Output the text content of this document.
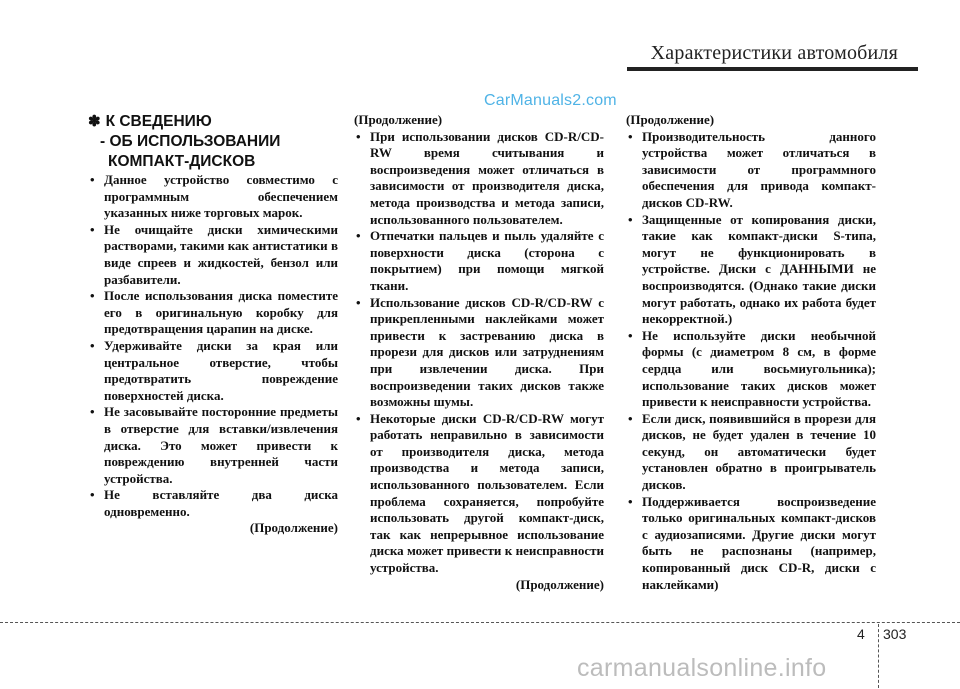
Характеристики автомобиля
CarManuals2.com
✽ К СВЕДЕНИЮ
- ОБ ИСПОЛЬЗОВАНИИ
КОМПАКТ-ДИСКОВ
• Данное устройство совместимо с программным обеспечением указанных ниже торговых марок.
• Не очищайте диски химическими растворами, такими как антистатики в виде спреев и жидкостей, бензол или разбавители.
• После использования диска поместите его в оригинальную коробку для предотвращения царапин на диске.
• Удерживайте диски за края или центральное отверстие, чтобы предотвратить повреждение поверхностей диска.
• Не засовывайте посторонние предметы в отверстие для вставки/извлечения диска. Это может привести к повреждению внутренней части устройства.
• Не вставляйте два диска одновременно.
(Продолжение)
(Продолжение)
• При использовании дисков CD-R/CD-RW время считывания и воспроизведения может отличаться в зависимости от производителя диска, метода производства и метода записи, использованного пользователем.
• Отпечатки пальцев и пыль удаляйте с поверхности диска (сторона с покрытием) при помощи мягкой ткани.
• Использование дисков CD-R/CD-RW с прикрепленными наклейками может привести к застреванию диска в прорези для дисков или затруднениям при извлечении диска. При воспроизведении таких дисков также возможны шумы.
• Некоторые диски CD-R/CD-RW могут работать неправильно в зависимости от производителя диска, метода производства и метода записи, использованного пользователем. Если проблема сохраняется, попробуйте использовать другой компакт-диск, так как непрерывное использование диска может привести к неисправности устройства.
(Продолжение)
(Продолжение)
• Производительность данного устройства может отличаться в зависимости от программного обеспечения для привода компакт-дисков CD-RW.
• Защищенные от копирования диски, такие как компакт-диски S-типа, могут не функционировать в устройстве. Диски с ДАННЫМИ не воспроизводятся. (Однако такие диски могут работать, однако их работа будет некорректной.)
• Не используйте диски необычной формы (с диаметром 8 см, в форме сердца или восьмиугольника); использование таких дисков может привести к неисправности устройства.
• Если диск, появившийся в прорези для дисков, не будет удален в течение 10 секунд, он автоматически будет установлен обратно в проигрыватель дисков.
• Поддерживается воспроизведение только оригинальных компакт-дисков с аудиозаписями. Другие диски могут быть не распознаны (например, копированный диск CD-R, диски с наклейками)
4 303
carmanualsonline.info
